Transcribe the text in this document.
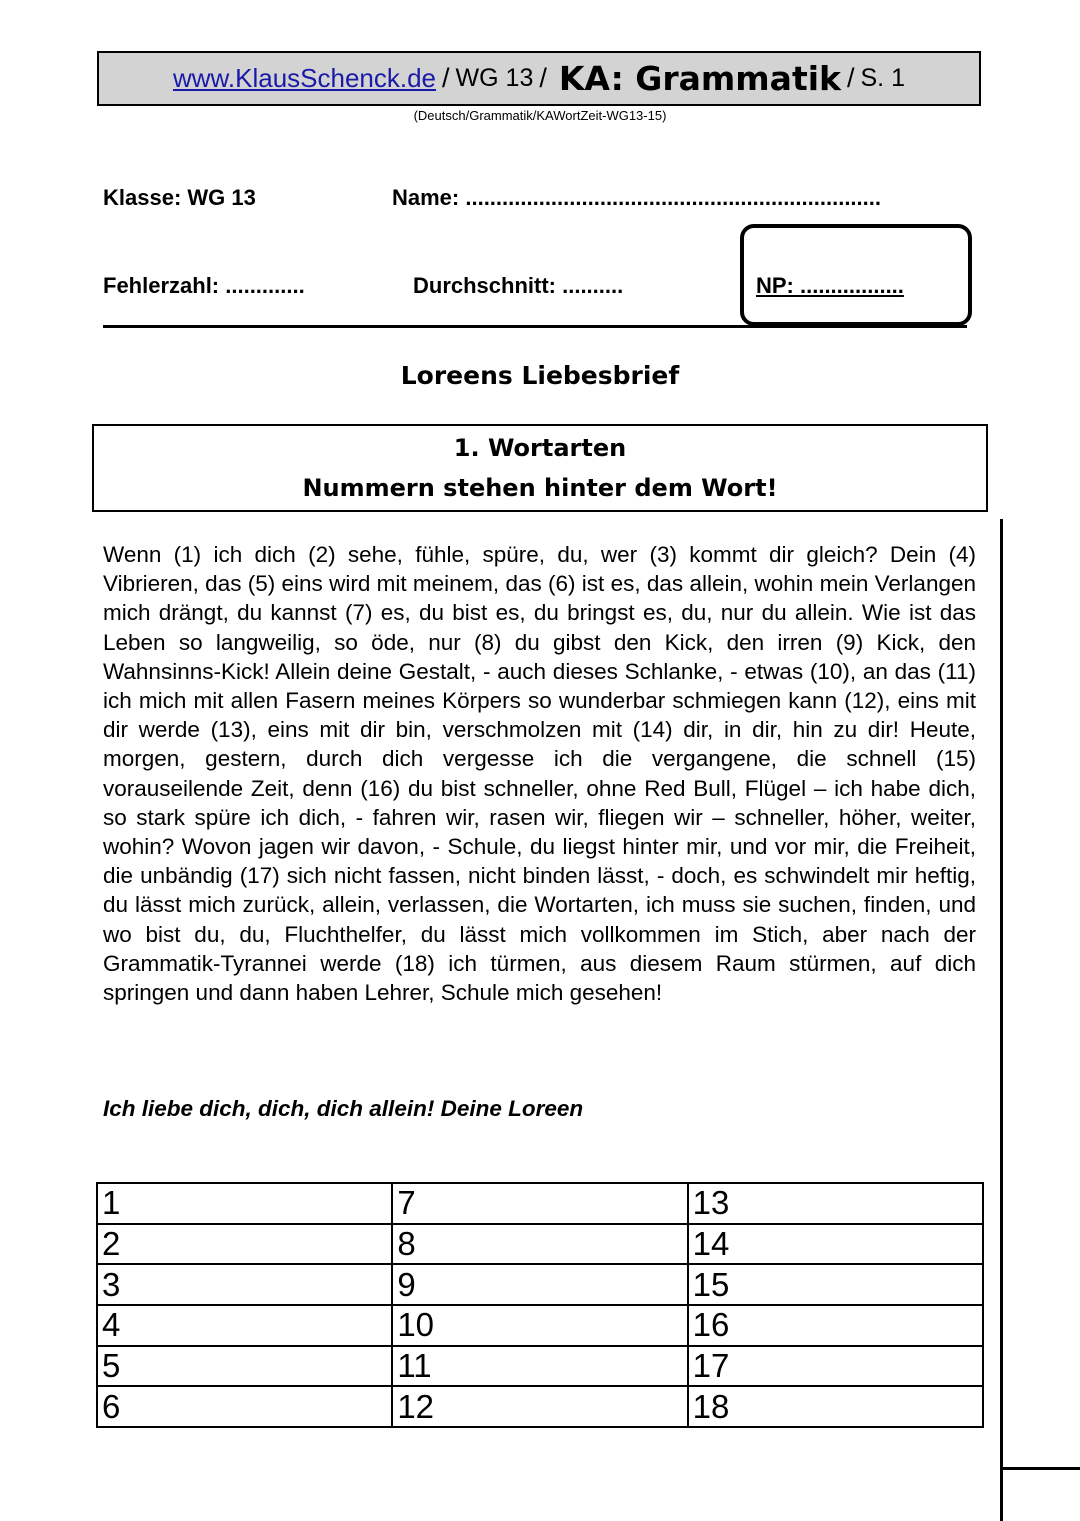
www.KlausSchenck.de / WG 13 / KA: Grammatik / S. 1
(Deutsch/Grammatik/KAWortZeit-WG13-15)
Klasse: WG 13	Name: ....................................................................
Fehlerzahl: .............	Durchschnitt: ..........	NP: .................
Loreens Liebesbrief
1. Wortarten
Nummern stehen hinter dem Wort!
Wenn (1) ich dich (2) sehe, fühle, spüre, du, wer (3) kommt dir gleich? Dein (4) Vibrieren, das (5) eins wird mit meinem, das (6) ist es, das allein, wohin mein Verlangen mich drängt, du kannst (7) es, du bist es, du bringst es, du, nur du allein. Wie ist das Leben so langweilig, so öde, nur (8) du gibst den Kick, den irren (9) Kick, den Wahnsinns-Kick! Allein deine Gestalt, - auch dieses Schlanke, - etwas (10), an das (11) ich mich mit allen Fasern meines Körpers so wunderbar schmiegen kann (12), eins mit dir werde (13), eins mit dir bin, verschmolzen mit (14) dir, in dir, hin zu dir! Heute, morgen, gestern, durch dich vergesse ich die vergangene, die schnell (15) vorauseilende Zeit, denn (16) du bist schneller, ohne Red Bull, Flügel – ich habe dich, so stark spüre ich dich, - fahren wir, rasen wir, fliegen wir – schneller, höher, weiter, wohin? Wovon jagen wir davon, - Schule, du liegst hinter mir, und vor mir, die Freiheit, die unbändig (17) sich nicht fassen, nicht binden lässt, - doch, es schwindelt mir heftig, du lässt mich zurück, allein, verlassen, die Wortarten, ich muss sie suchen, finden, und wo bist du, du, Fluchthelfer, du lässt mich vollkommen im Stich, aber nach der Grammatik-Tyrannei werde (18) ich türmen, aus diesem Raum stürmen, auf dich springen und dann haben Lehrer, Schule mich gesehen!
Ich liebe dich, dich, dich allein! Deine Loreen
1	7	13
2	8	14
3	9	15
4	10	16
5	11	17
6	12	18
